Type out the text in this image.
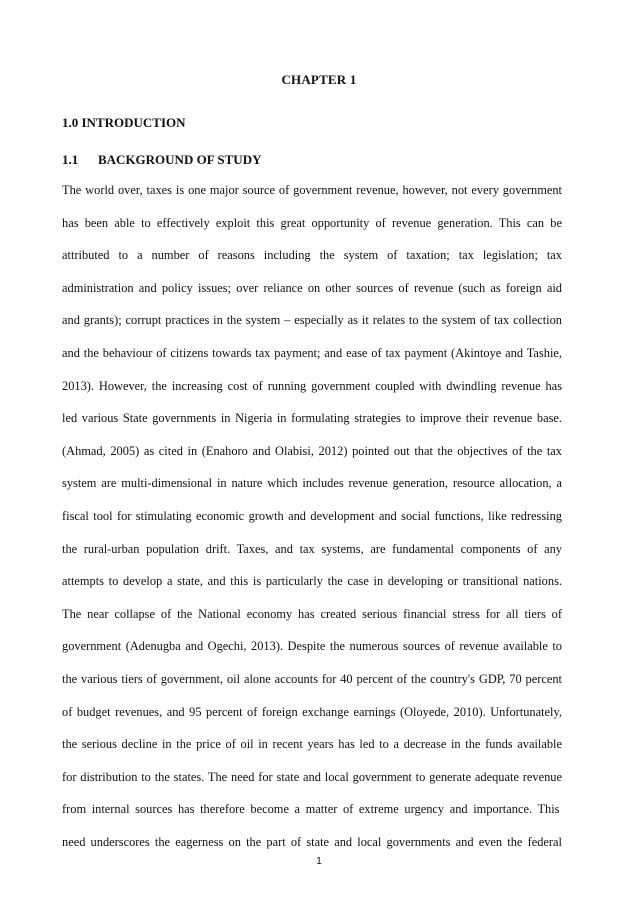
CHAPTER 1
1.0 INTRODUCTION
1.1 BACKGROUND OF STUDY
The world over, taxes is one major source of government revenue, however, not every government
has been able to effectively exploit this great opportunity of revenue generation. This can be
attributed to a number of reasons including the system of taxation; tax legislation; tax
administration and policy issues; over reliance on other sources of revenue (such as foreign aid
and grants); corrupt practices in the system – especially as it relates to the system of tax collection
and the behaviour of citizens towards tax payment; and ease of tax payment (Akintoye and Tashie,
2013). However, the increasing cost of running government coupled with dwindling revenue has
led various State governments in Nigeria in formulating strategies to improve their revenue base.
(Ahmad, 2005) as cited in (Enahoro and Olabisi, 2012) pointed out that the objectives of the tax
system are multi-dimensional in nature which includes revenue generation, resource allocation, a
fiscal tool for stimulating economic growth and development and social functions, like redressing
the rural-urban population drift. Taxes, and tax systems, are fundamental components of any
attempts to develop a state, and this is particularly the case in developing or transitional nations.
The near collapse of the National economy has created serious financial stress for all tiers of
government (Adenugba and Ogechi, 2013). Despite the numerous sources of revenue available to
the various tiers of government, oil alone accounts for 40 percent of the country's GDP, 70 percent
of budget revenues, and 95 percent of foreign exchange earnings (Oloyede, 2010). Unfortunately,
the serious decline in the price of oil in recent years has led to a decrease in the funds available
for distribution to the states. The need for state and local government to generate adequate revenue
from internal sources has therefore become a matter of extreme urgency and importance. This
need underscores the eagerness on the part of state and local governments and even the federal
1
